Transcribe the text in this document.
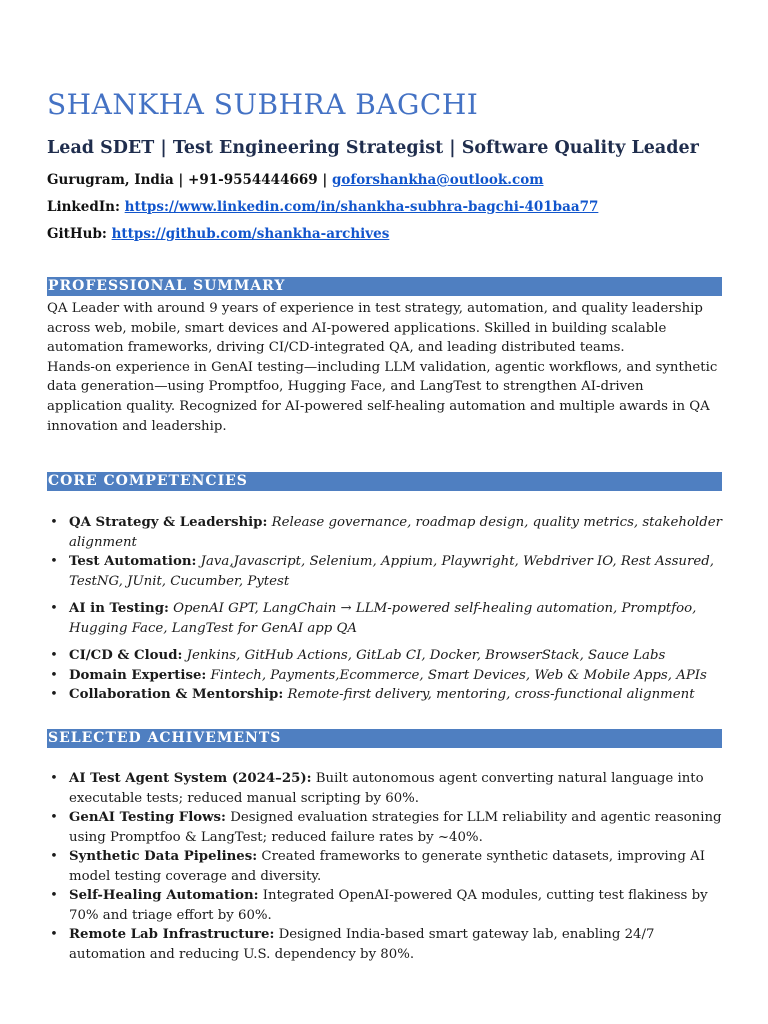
SHANKHA SUBHRA BAGCHI
Lead SDET | Test Engineering Strategist | Software Quality Leader
Gurugram, India | +91-9554444669 | goforshankha@outlook.com
LinkedIn: https://www.linkedin.com/in/shankha-subhra-bagchi-401baa77
GitHub: https://github.com/shankha-archives
PROFESSIONAL SUMMARY

QA Leader with around 9 years of experience in test strategy, automation, and quality leadership across web, mobile, smart devices and AI-powered applications. Skilled in building scalable automation frameworks, driving CI/CD-integrated QA, and leading distributed teams.

Hands-on experience in GenAI testing—including LLM validation, agentic workflows, and synthetic data generation—using Promptfoo, Hugging Face, and LangTest to strengthen AI-driven application quality. Recognized for AI-powered self-healing automation and multiple awards in QA innovation and leadership.

CORE COMPETENCIES
• QA Strategy & Leadership: Release governance, roadmap design, quality metrics, stakeholder alignment
• Test Automation: Java,Javascript, Selenium, Appium, Playwright, Webdriver IO, Rest Assured, TestNG, JUnit, Cucumber, Pytest
• AI in Testing: OpenAI GPT, LangChain → LLM-powered self-healing automation, Promptfoo, Hugging Face, LangTest for GenAI app QA
• CI/CD & Cloud: Jenkins, GitHub Actions, GitLab CI, Docker, BrowserStack, Sauce Labs
• Domain Expertise: Fintech, Payments,Ecommerce, Smart Devices, Web & Mobile Apps, APIs
• Collaboration & Mentorship: Remote-first delivery, mentoring, cross-functional alignment
SELECTED ACHIVEMENTS
• AI Test Agent System (2024–25): Built autonomous agent converting natural language into executable tests; reduced manual scripting by 60%.
• GenAI Testing Flows: Designed evaluation strategies for LLM reliability and agentic reasoning using Promptfoo & LangTest; reduced failure rates by ~40%.
• Synthetic Data Pipelines: Created frameworks to generate synthetic datasets, improving AI model testing coverage and diversity.
• Self-Healing Automation: Integrated OpenAI-powered QA modules, cutting test flakiness by 70% and triage effort by 60%.
• Remote Lab Infrastructure: Designed India-based smart gateway lab, enabling 24/7 automation and reducing U.S. dependency by 80%.
